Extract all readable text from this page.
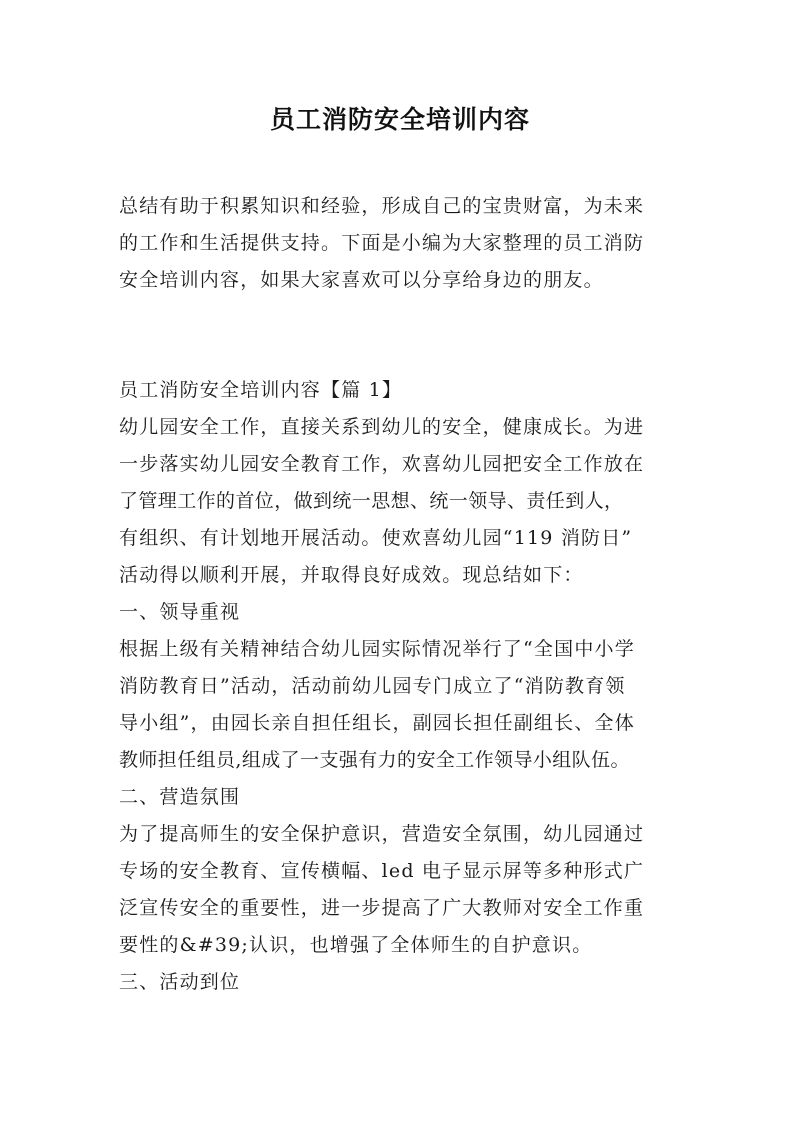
员工消防安全培训内容
总结有助于积累知识和经验，形成自己的宝贵财富，为未来
的工作和生活提供支持。下面是小编为大家整理的员工消防
安全培训内容，如果大家喜欢可以分享给身边的朋友。
员工消防安全培训内容【篇 1】
幼儿园安全工作，直接关系到幼儿的安全，健康成长。为进
一步落实幼儿园安全教育工作，欢喜幼儿园把安全工作放在
了管理工作的首位，做到统一思想、统一领导、责任到人，
有组织、有计划地开展活动。使欢喜幼儿园“119 消防日”
活动得以顺利开展，并取得良好成效。现总结如下：
一、领导重视
根据上级有关精神结合幼儿园实际情况举行了“全国中小学
消防教育日”活动，活动前幼儿园专门成立了“消防教育领
导小组”，由园长亲自担任组长，副园长担任副组长、全体
教师担任组员,组成了一支强有力的安全工作领导小组队伍。
二、营造氛围
为了提高师生的安全保护意识，营造安全氛围，幼儿园通过
专场的安全教育、宣传横幅、led 电子显示屏等多种形式广
泛宣传安全的重要性，进一步提高了广大教师对安全工作重
要性的&#39;认识，也增强了全体师生的自护意识。
三、活动到位
